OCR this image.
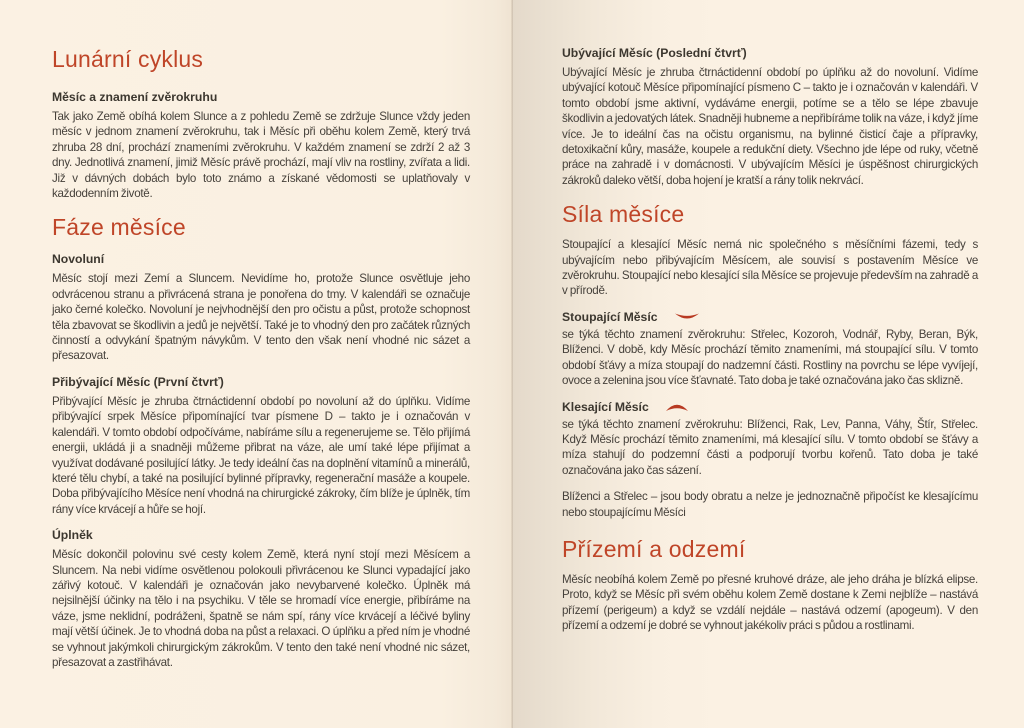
Lunární cyklus
Měsíc a znamení zvěrokruhu

Tak jako Země obíhá kolem Slunce a z pohledu Země se zdržuje Slunce vždy jeden měsíc v jednom znamení zvěrokruhu, tak i Měsíc při oběhu kolem Země, který trvá zhruba 28 dní, prochází znameními zvěrokruhu. V každém znamení se zdrží 2 až 3 dny. Jednotlivá znamení, jimiž Měsíc právě prochází, mají vliv na rostliny, zvířata a lidi. Již v dávných dobách bylo toto známo a získané vědomosti se uplatňovaly v každodenním životě.

Fáze měsíce
Novoluní

Měsíc stojí mezi Zemí a Sluncem. Nevidíme ho, protože Slunce osvětluje jeho odvrácenou stranu a přivrácená strana je ponořena do tmy. V kalendáři se označuje jako černé kolečko. Novoluní je nejvhodnější den pro očistu a půst, protože schopnost těla zbavovat se škodlivin a jedů je největší. Také je to vhodný den pro začátek různých činností a odvykání špatným návykům. V tento den však není vhodné nic sázet a přesazovat.

Přibývající Měsíc (První čtvrť)

Přibývající Měsíc je zhruba čtrnáctidenní období po novoluní až do úplňku. Vidíme přibývající srpek Měsíce připomínající tvar písmene D – takto je i označován v kalendáři. V tomto období odpočíváme, nabíráme sílu a regenerujeme se. Tělo přijímá energii, ukládá ji a snadněji můžeme přibrat na váze, ale umí také lépe přijímat a využívat dodávané posilující látky. Je tedy ideální čas na doplnění vitamínů a minerálů, které tělu chybí, a také na posilující bylinné přípravky, regenerační masáže a koupele. Doba přibývajícího Měsíce není vhodná na chirurgické zákroky, čím blíže je úplněk, tím rány více krvácejí a hůře se hojí.

Úplněk

Měsíc dokončil polovinu své cesty kolem Země, která nyní stojí mezi Měsícem a Sluncem. Na nebi vidíme osvětlenou polokouli přivrácenou ke Slunci vypadající jako zářivý kotouč. V kalendáři je označován jako nevybarvené kolečko. Úplněk má nejsilnější účinky na tělo i na psychiku. V těle se hromadí více energie, přibíráme na váze, jsme neklidní, podráženi, špatně se nám spí, rány více krvácejí a léčivé byliny mají větší účinek. Je to vhodná doba na půst a relaxaci. O úplňku a před ním je vhodné se vyhnout jakýmkoli chirurgickým zákrokům. V tento den také není vhodné nic sázet, přesazovat a zastřihávat.

Ubývající Měsíc (Poslední čtvrť)

Ubývající Měsíc je zhruba čtrnáctidenní období po úplňku až do novoluní. Vidíme ubývající kotouč Měsíce připomínající písmeno C – takto je i označován v kalendáři. V tomto období jsme aktivní, vydáváme energii, potíme se a tělo se lépe zbavuje škodlivin a jedovatých látek. Snadněji hubneme a nepřibíráme tolik na váze, i když jíme více. Je to ideální čas na očistu organismu, na bylinné čisticí čaje a přípravky, detoxikační kůry, masáže, koupele a redukční diety. Všechno jde lépe od ruky, včetně práce na zahradě i v domácnosti. V ubývajícím Měsíci je úspěšnost chirurgických zákroků daleko větší, doba hojení je kratší a rány tolik nekrvácí.

Síla měsíce

Stoupající a klesající Měsíc nemá nic společného s měsíčními fázemi, tedy s ubývajícím nebo přibývajícím Měsícem, ale souvisí s postavením Měsíce ve zvěrokruhu. Stoupající nebo klesající síla Měsíce se projevuje především na zahradě a v přírodě.

Stoupající Měsíc

se týká těchto znamení zvěrokruhu: Střelec, Kozoroh, Vodnář, Ryby, Beran, Býk, Blíženci. V době, kdy Měsíc prochází těmito znameními, má stoupající sílu. V tomto období šťávy a míza stoupají do nadzemní části. Rostliny na povrchu se lépe vyvíjejí, ovoce a zelenina jsou více šťavnaté. Tato doba je také označována jako čas sklizně.

Klesající Měsíc

se týká těchto znamení zvěrokruhu: Blíženci, Rak, Lev, Panna, Váhy, Štír, Střelec. Když Měsíc prochází těmito znameními, má klesající sílu. V tomto období se šťávy a míza stahují do podzemní části a podporují tvorbu kořenů. Tato doba je také označována jako čas sázení.

Blíženci a Střelec – jsou body obratu a nelze je jednoznačně připočíst ke klesajícímu nebo stoupajícímu Měsíci

Přízemí a odzemí

Měsíc neobíhá kolem Země po přesné kruhové dráze, ale jeho dráha je blízká elipse. Proto, když se Měsíc při svém oběhu kolem Země dostane k Zemi nejblíže – nastává přízemí (perigeum) a když se vzdálí nejdále – nastává odzemí (apogeum). V den přízemí a odzemí je dobré se vyhnout jakékoliv práci s půdou a rostlinami.
